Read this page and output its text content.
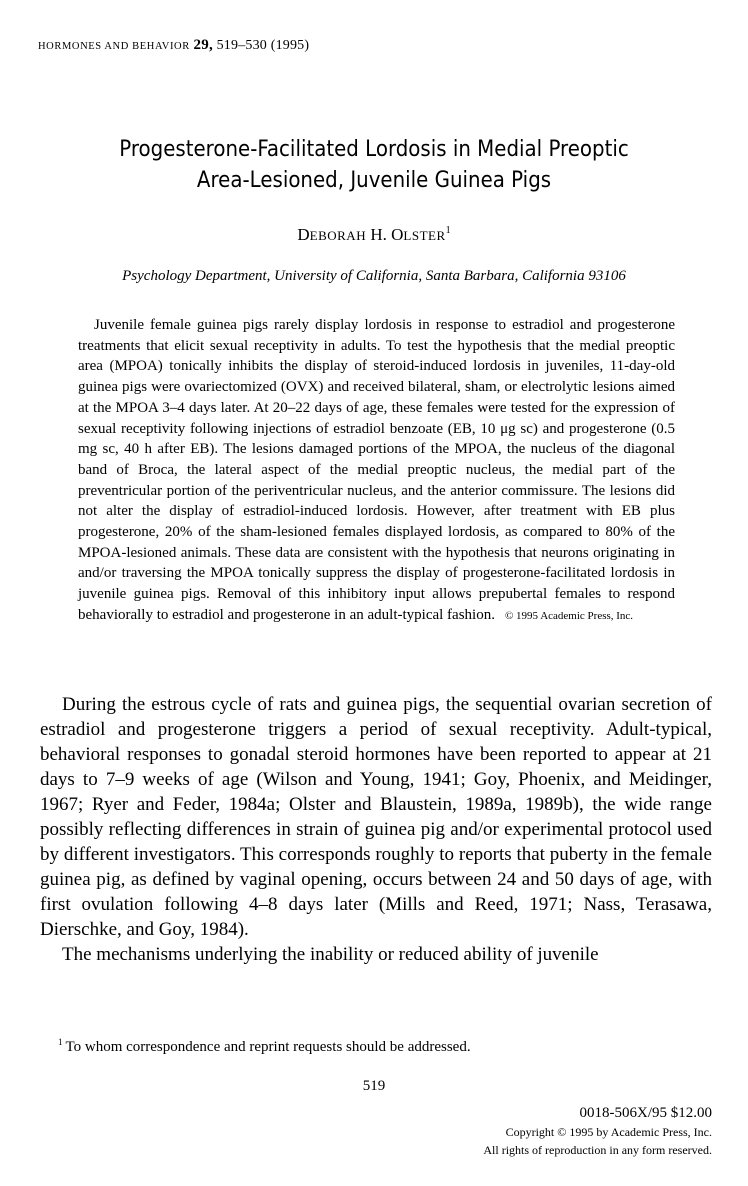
HORMONES AND BEHAVIOR 29, 519–530 (1995)
Progesterone-Facilitated Lordosis in Medial Preoptic
Area-Lesioned, Juvenile Guinea Pigs
DEBORAH H. OLSTER$^1$
Psychology Department, University of California, Santa Barbara, California 93106

Juvenile female guinea pigs rarely display lordosis in response to estradiol and progesterone treatments that elicit sexual receptivity in adults. To test the hypothesis that the medial preoptic area (MPOA) tonically inhibits the display of steroid-induced lordosis in juveniles, 11-day-old guinea pigs were ovariectomized (OVX) and received bilateral, sham, or electrolytic lesions aimed at the MPOA 3–4 days later. At 20–22 days of age, these females were tested for the expression of sexual receptivity following injections of estradiol benzoate (EB, 10 μg sc) and progesterone (0.5 mg sc, 40 h after EB). The lesions damaged portions of the MPOA, the nucleus of the diagonal band of Broca, the lateral aspect of the medial preoptic nucleus, the medial part of the preventricular portion of the periventricular nucleus, and the anterior commissure. The lesions did not alter the display of estradiol-induced lordosis. However, after treatment with EB plus progesterone, 20% of the sham-lesioned females displayed lordosis, as compared to 80% of the MPOA-lesioned animals. These data are consistent with the hypothesis that neurons originating in and/or traversing the MPOA tonically suppress the display of progesterone-facilitated lordosis in juvenile guinea pigs. Removal of this inhibitory input allows prepubertal females to respond behaviorally to estradiol and progesterone in an adult-typical fashion. © 1995 Academic Press, Inc.

During the estrous cycle of rats and guinea pigs, the sequential ovarian secretion of estradiol and progesterone triggers a period of sexual receptivity. Adult-typical, behavioral responses to gonadal steroid hormones have been reported to appear at 21 days to 7–9 weeks of age (Wilson and Young, 1941; Goy, Phoenix, and Meidinger, 1967; Ryer and Feder, 1984a; Olster and Blaustein, 1989a, 1989b), the wide range possibly reflecting differences in strain of guinea pig and/or experimental protocol used by different investigators. This corresponds roughly to reports that puberty in the female guinea pig, as defined by vaginal opening, occurs between 24 and 50 days of age, with first ovulation following 4–8 days later (Mills and Reed, 1971; Nass, Terasawa, Dierschke, and Goy, 1984).

The mechanisms underlying the inability or reduced ability of juvenile

$^1$ To whom correspondence and reprint requests should be addressed.
519
0018-506X/95 $12.00
Copyright © 1995 by Academic Press, Inc.
All rights of reproduction in any form reserved.
